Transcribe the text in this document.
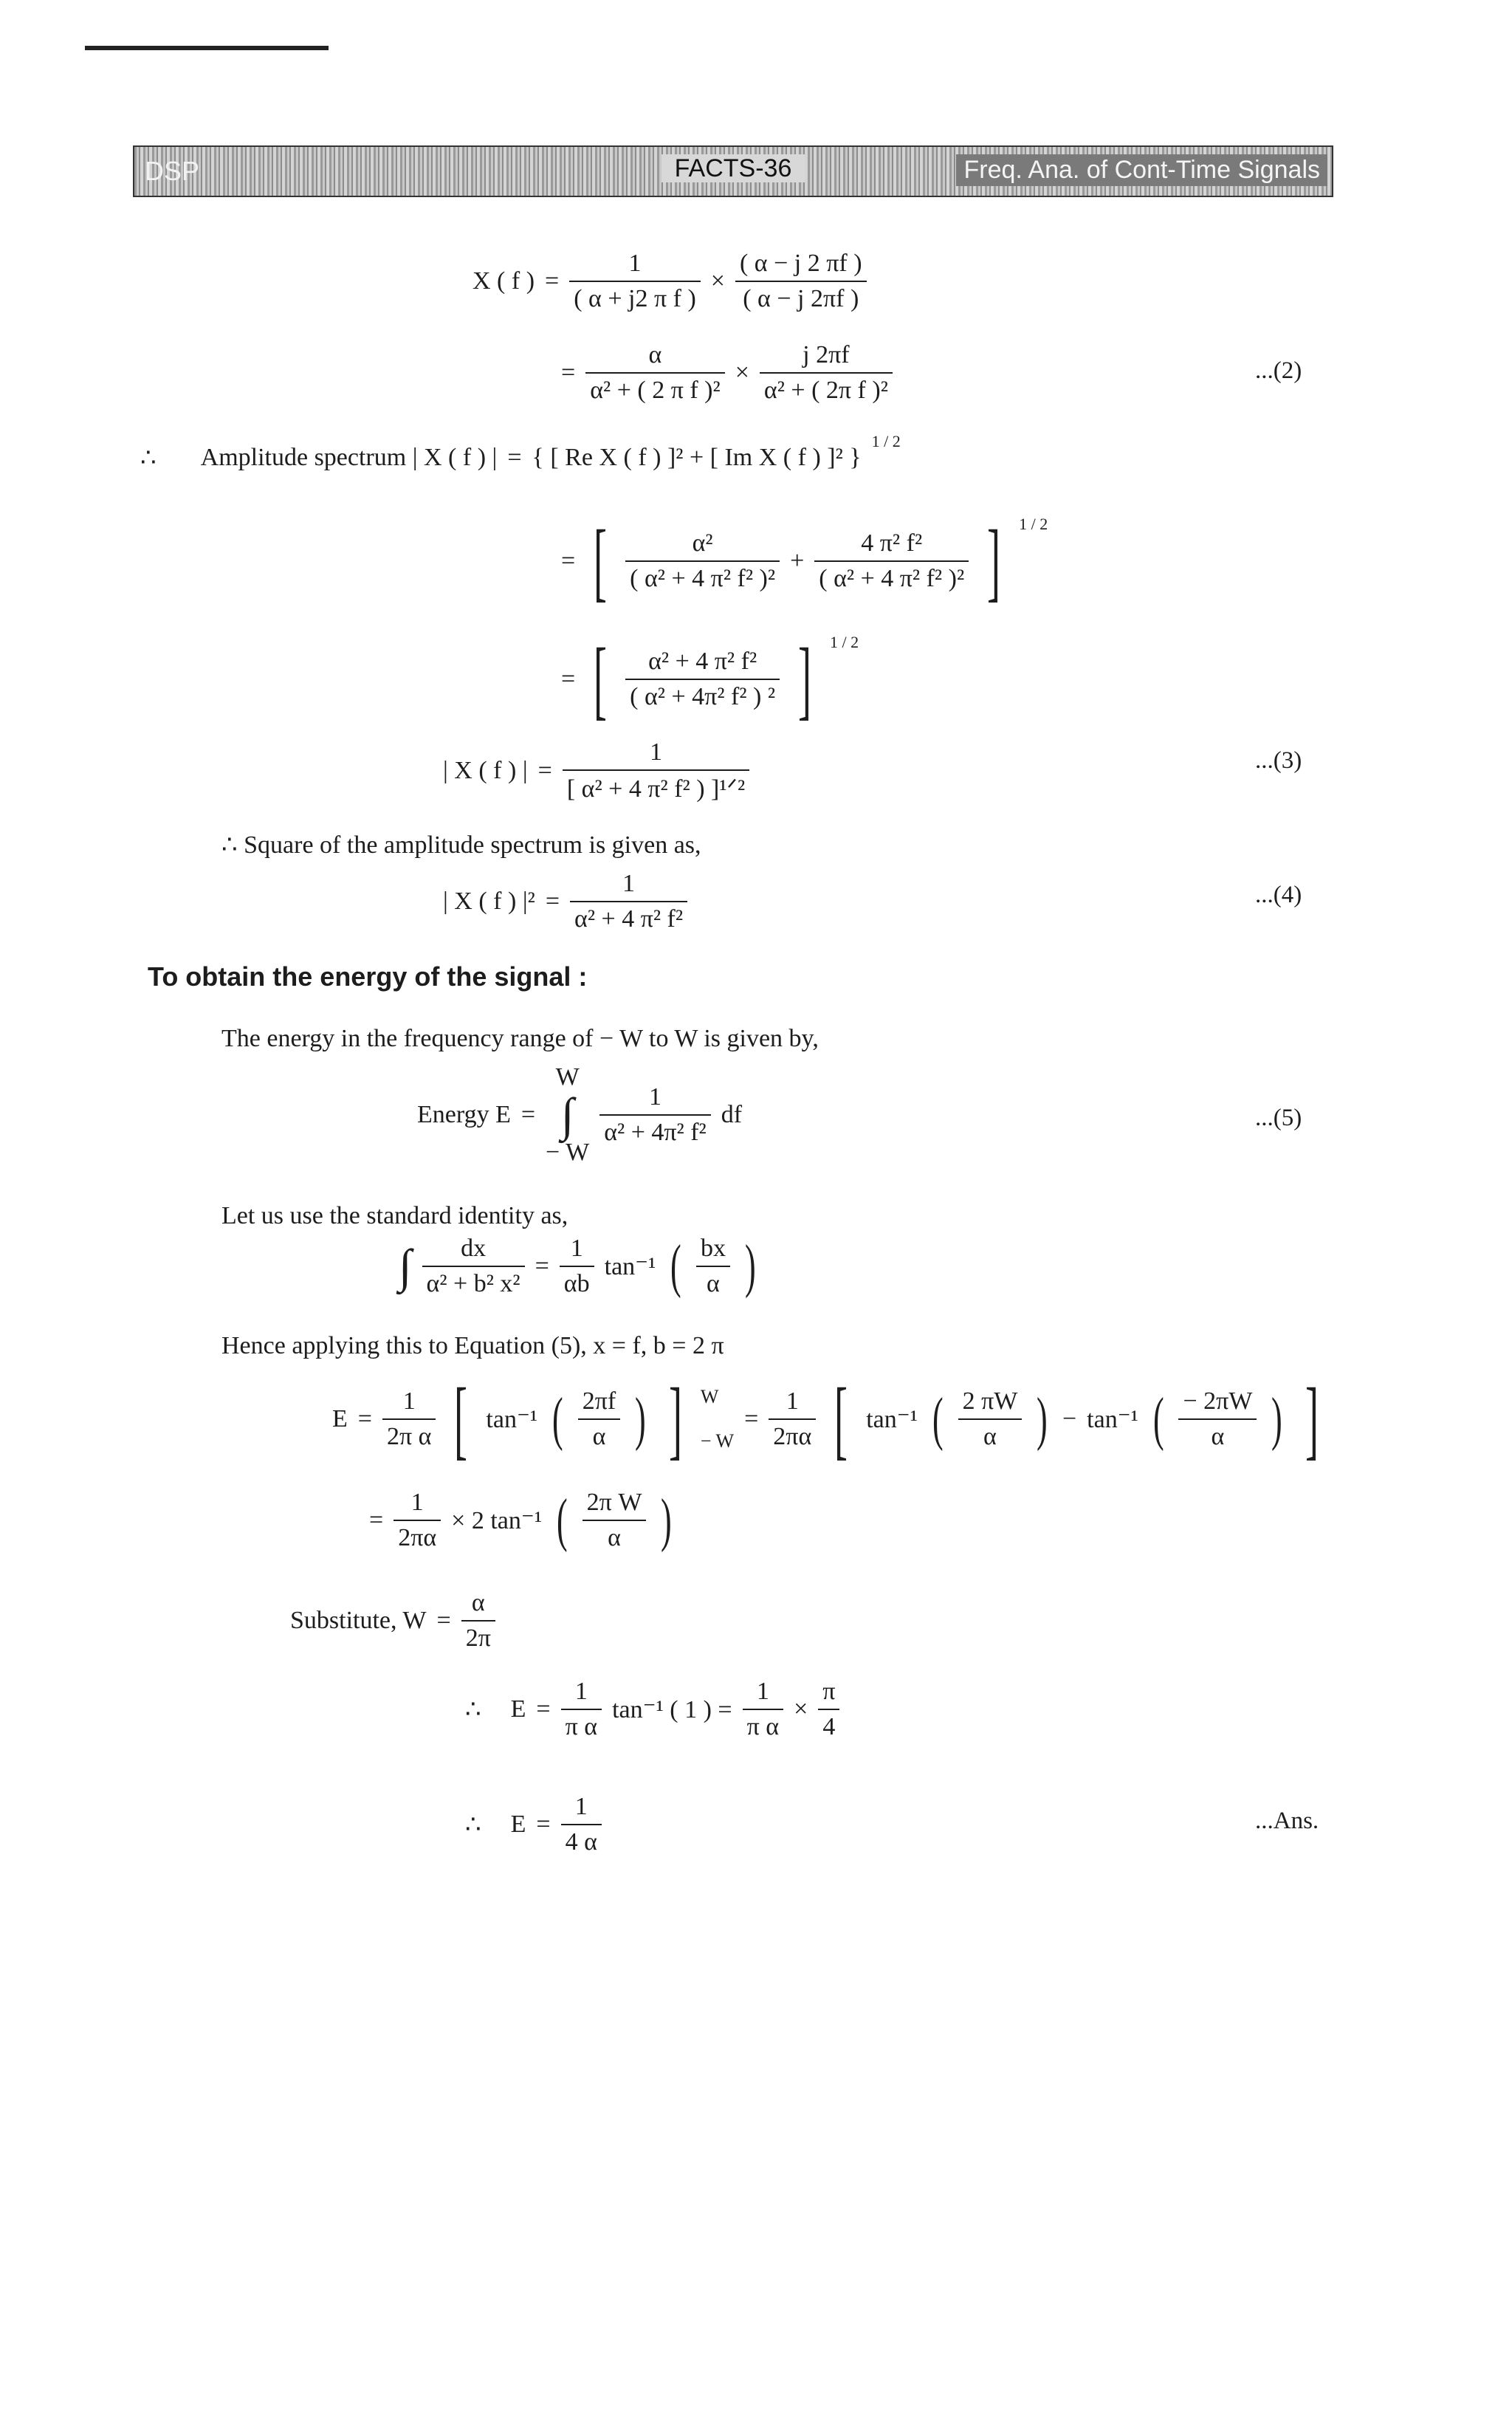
DSP	FACTS-36	Freq. Ana. of Cont-Time Signals
X ( f ) = $\frac{1}{\text{( α + j2 π f )}} \times \frac{( \alpha - j 2 \pi f )}{( \alpha - j 2\pi f )}$
= $\frac{\alpha}{\text{α² + ( 2 π f )²}} \times \frac{j 2\pi f}{\text{α² + ( 2π f )²}}$	...(2)
∴ Amplitude spectrum | X ( f ) | = { [ Re X ( f ) ]² + [ Im X ( f ) ]² }
$^{1 / 2}$
= [ $\frac{\text{α²}}{\text{( α² + 4 π² f² )²}} + \frac{\text{4 π² f²}}{\text{( α² + 4 π² f² )²}}$ ] $^{1 / 2}$
= [ $\frac{\text{α² + 4 π² f²}}{\text{( α² + 4π² f² ) ²}}$ ] $^{1 / 2}$
| X ( f ) | = $\frac{1}{\text{[ α² + 4 π² f² ) ]¹ᐟ²}}$	...(3)
∴ Square of the amplitude spectrum is given as,
| X ( f ) $|^2 = \frac{1}{\text{α² + 4 π² f²}}$	...(4)
To obtain the energy of the signal :
The energy in the frequency range of − W to W is given by,
Energy E =
W
∫
− W
$\frac{1}{\text{α² + 4π² f²}}$ df	...(5)
Let us use the standard identity as,
∫ $\frac{dx}{\text{α² + b² x²}} = \frac{1}{\alpha b} \tan^{-1}$ ( $\frac{bx}{\alpha}$ )
Hence applying this to Equation (5), x = f, b = 2 π
$E = \frac{1}{\text{2π α}}$ [ tan⁻¹ ( $\frac{2\pi f}{\alpha}$ ) ] W
− W
= $\frac{1}{2\pi\alpha}$ [ tan⁻¹ ( $\frac{2 \pi W}{\alpha}$ ) − tan⁻¹ ( $\frac{- 2\pi W}{\alpha}$ ) ]
= $\frac{1}{2\pi\alpha} \times 2$ tan⁻¹ ( $\frac{\text{2π W}}{\alpha}$ )
Substitute, $W = \frac{\alpha}{2\pi}$
∴ $E = \frac{1}{\text{π α}} \tan^{-1}$ ( 1 ) = $\frac{1}{\text{π α}} \times \frac{\pi}{4}$
∴ $E = \frac{1}{4 \alpha}$	...Ans.
